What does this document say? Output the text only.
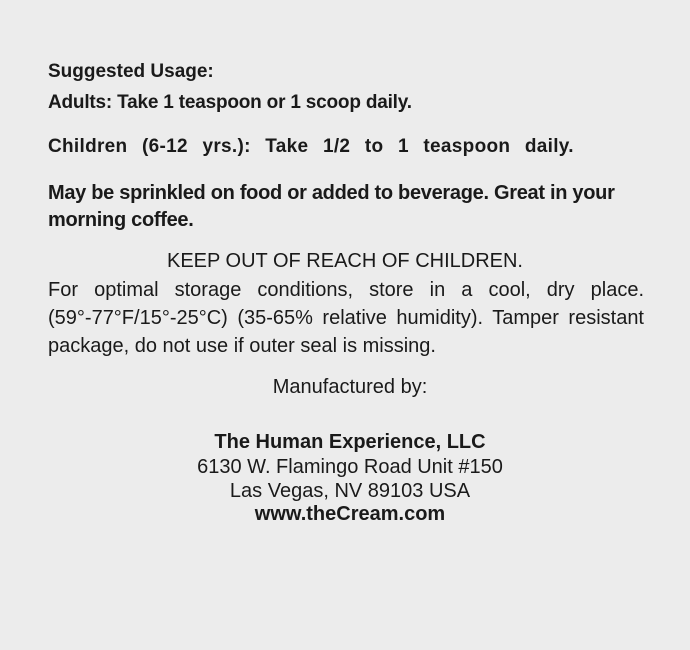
Suggested Usage:

Adults: Take 1 teaspoon or 1 scoop daily.

Children (6-12 yrs.): Take 1/2 to 1 teaspoon daily.

May be sprinkled on food or added to beverage. Great in your morning coffee.

KEEP OUT OF REACH OF CHILDREN.

For optimal storage conditions, store in a cool, dry place. (59°-77°F/15°-25°C) (35-65% relative humidity). Tamper resistant package, do not use if outer seal is missing.

Manufactured by:

The Human Experience, LLC

6130 W. Flamingo Road Unit #150

Las Vegas, NV 89103 USA

www.theCream.com
